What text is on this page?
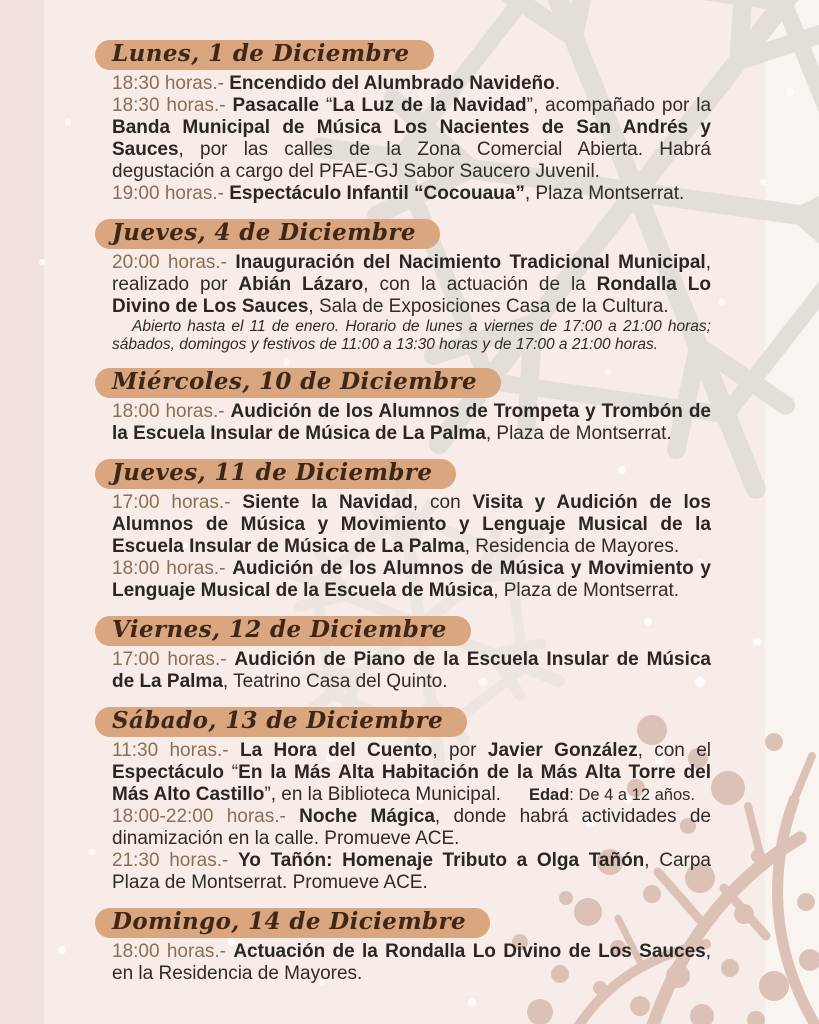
Lunes, 1 de Diciembre

18:30 horas.- Encendido del Alumbrado Navideño.

18:30 horas.- Pasacalle “La Luz de la Navidad”, acompañado por la Banda Municipal de Música Los Nacientes de San Andrés y Sauces, por las calles de la Zona Comercial Abierta. Habrá degustación a cargo del PFAE-GJ Sabor Saucero Juvenil.

19:00 horas.- Espectáculo Infantil “Cocouaua”, Plaza Montserrat.

Jueves, 4 de Diciembre

20:00 horas.- Inauguración del Nacimiento Tradicional Municipal, realizado por Abián Lázaro, con la actuación de la Rondalla Lo Divino de Los Sauces, Sala de Exposiciones Casa de la Cultura.

Abierto hasta el 11 de enero. Horario de lunes a viernes de 17:00 a 21:00 horas; sábados, domingos y festivos de 11:00 a 13:30 horas y de 17:00 a 21:00 horas.

Miércoles, 10 de Diciembre

18:00 horas.- Audición de los Alumnos de Trompeta y Trombón de la Escuela Insular de Música de La Palma, Plaza de Montserrat.

Jueves, 11 de Diciembre

17:00 horas.- Siente la Navidad, con Visita y Audición de los Alumnos de Música y Movimiento y Lenguaje Musical de la Escuela Insular de Música de La Palma, Residencia de Mayores.

18:00 horas.- Audición de los Alumnos de Música y Movimiento y Lenguaje Musical de la Escuela de Música, Plaza de Montserrat.

Viernes, 12 de Diciembre

17:00 horas.- Audición de Piano de la Escuela Insular de Música de La Palma, Teatrino Casa del Quinto.

Sábado, 13 de Diciembre

11:30 horas.- La Hora del Cuento, por Javier González, con el Espectáculo “En la Más Alta Habitación de la Más Alta Torre del Más Alto Castillo”, en la Biblioteca Municipal. Edad: De 4 a 12 años.

18:00-22:00 horas.- Noche Mágica, donde habrá actividades de dinamización en la calle. Promueve ACE.

21:30 horas.- Yo Tañón: Homenaje Tributo a Olga Tañón, Carpa Plaza de Montserrat. Promueve ACE.

Domingo, 14 de Diciembre

18:00 horas.- Actuación de la Rondalla Lo Divino de Los Sauces, en la Residencia de Mayores.
